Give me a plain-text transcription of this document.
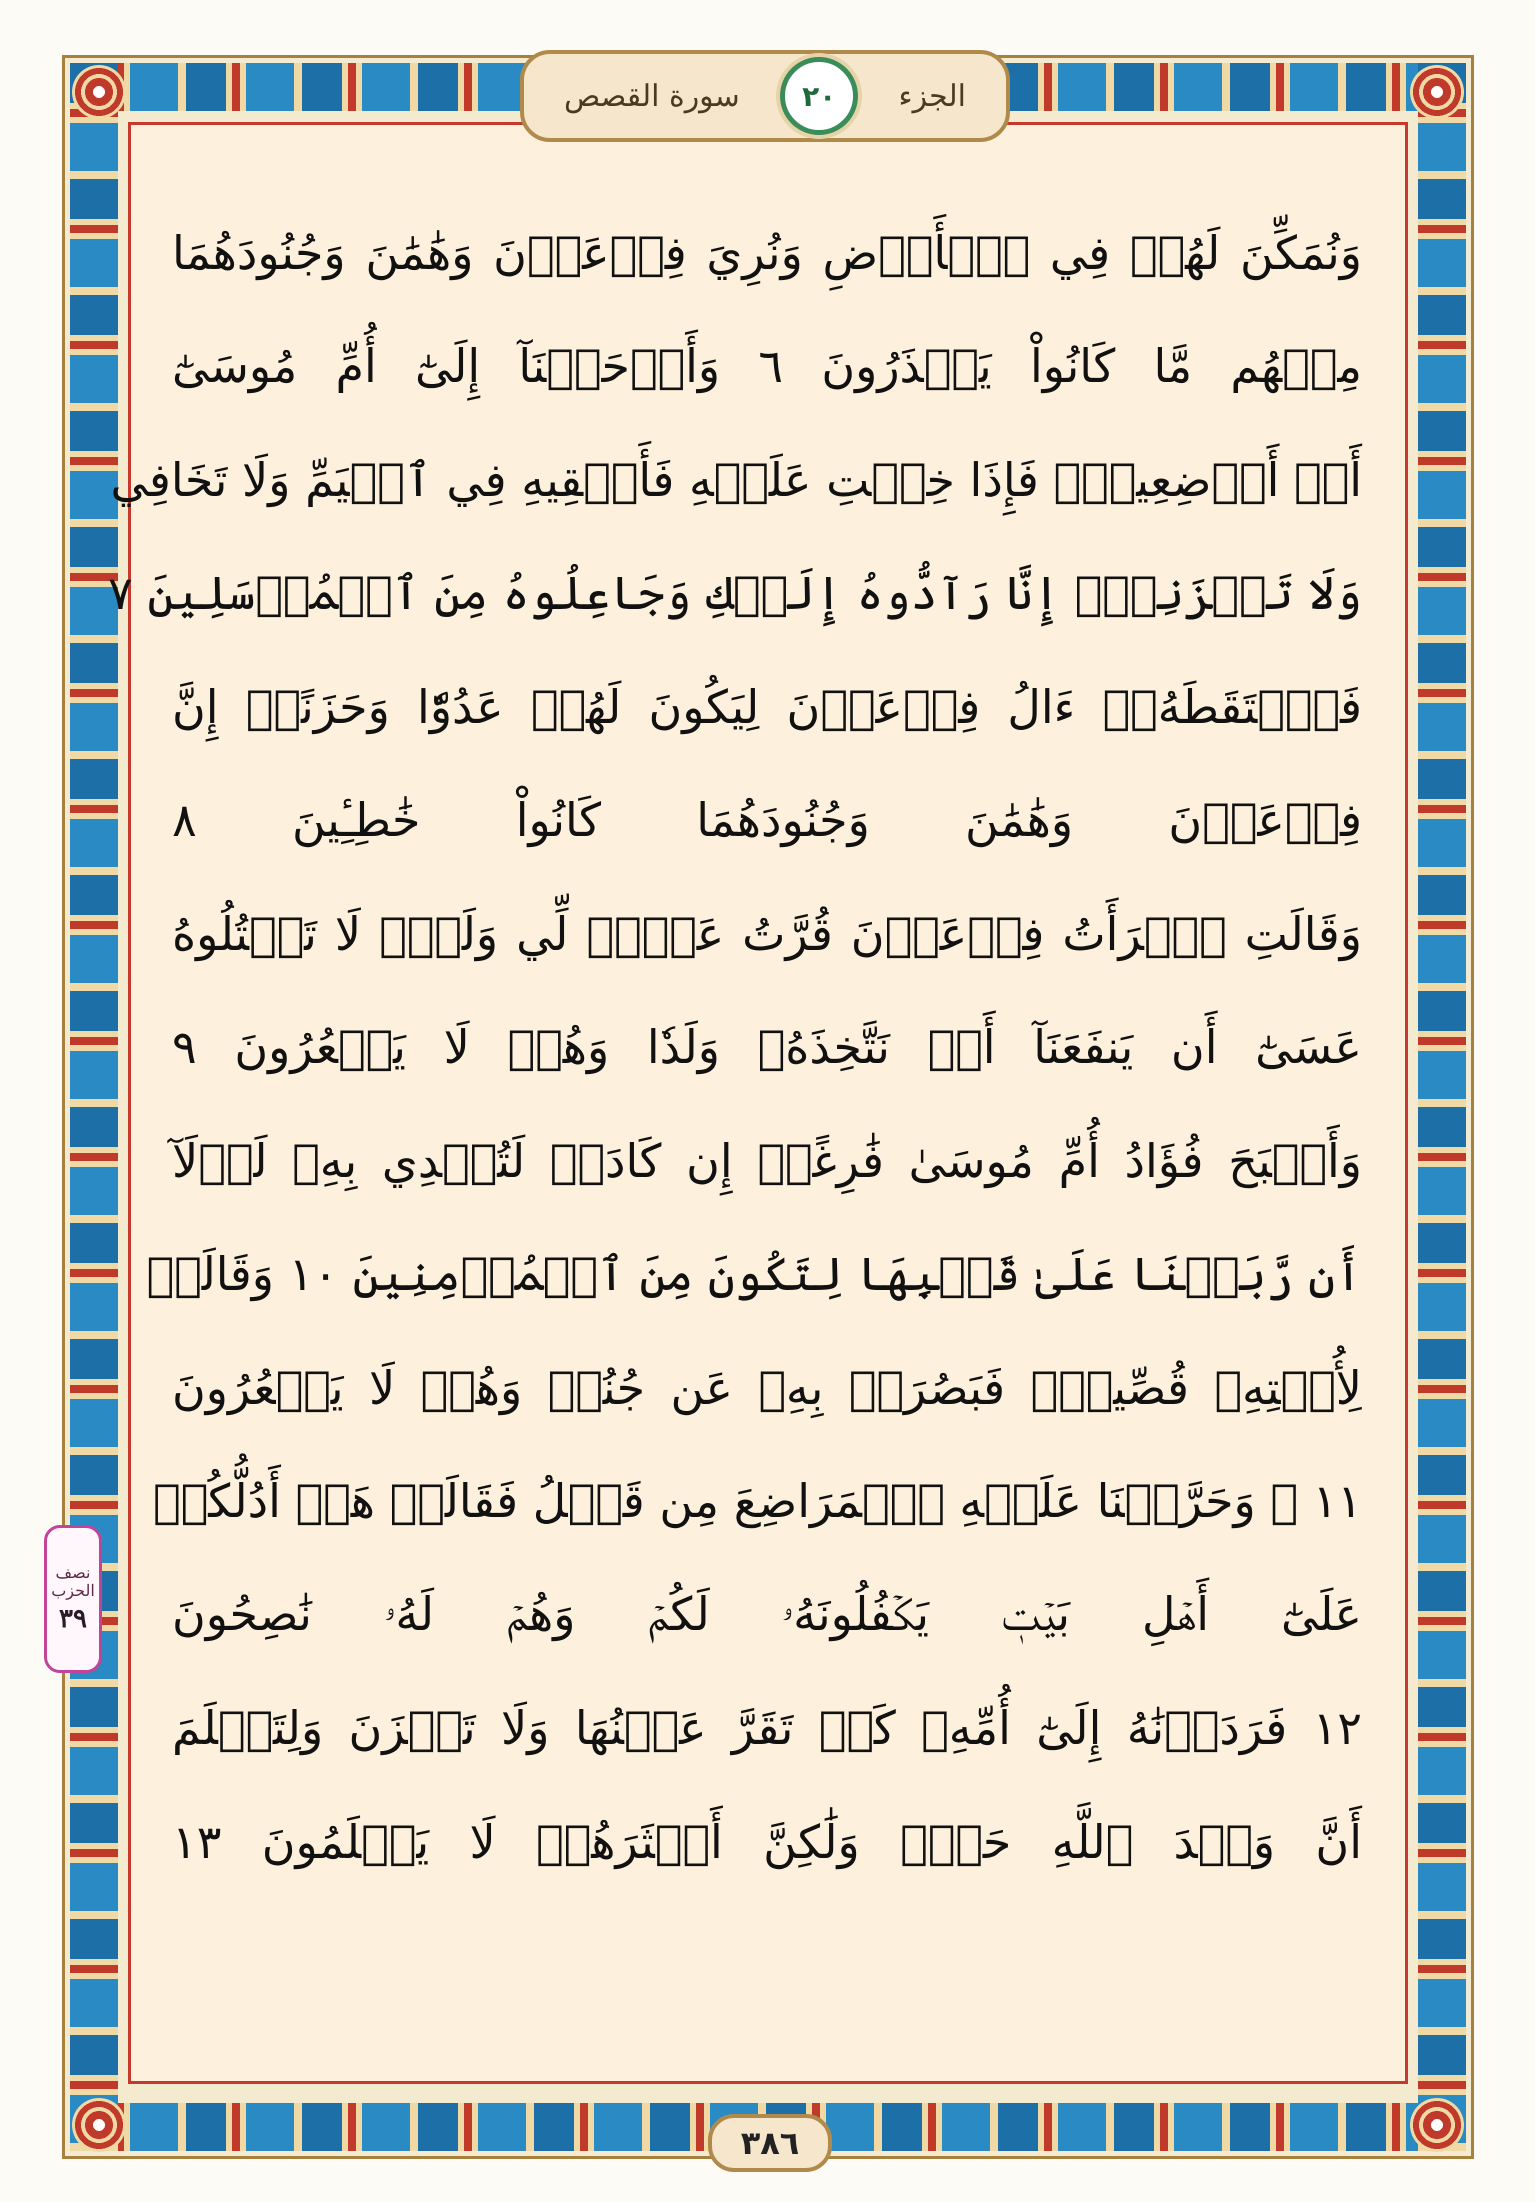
الجزء
٢٠
سورة القصص
وَنُمَكِّنَ لَهُمۡ فِي ٱلۡأَرۡضِ وَنُرِيَ فِرۡعَوۡنَ وَهَٰمَٰنَ وَجُنُودَهُمَا
مِنۡهُم مَّا كَانُواْ يَحۡذَرُونَ ٦ وَأَوۡحَيۡنَآ إِلَىٰٓ أُمِّ مُوسَىٰٓ
أَنۡ أَرۡضِعِيهِۖ فَإِذَا خِفۡتِ عَلَيۡهِ فَأَلۡقِيهِ فِي ٱلۡيَمِّ وَلَا تَخَافِي
وَلَا تَحۡزَنِيٓۖ إِنَّا رَآدُّوهُ إِلَيۡكِ وَجَاعِلُوهُ مِنَ ٱلۡمُرۡسَلِينَ ٧
فَٱلۡتَقَطَهُۥٓ ءَالُ فِرۡعَوۡنَ لِيَكُونَ لَهُمۡ عَدُوّٗا وَحَزَنًاۗ إِنَّ
فِرۡعَوۡنَ وَهَٰمَٰنَ وَجُنُودَهُمَا كَانُواْ خَٰطِـِٔينَ ٨
وَقَالَتِ ٱمۡرَأَتُ فِرۡعَوۡنَ قُرَّتُ عَيۡنٖ لِّي وَلَكَۖ لَا تَقۡتُلُوهُ
عَسَىٰٓ أَن يَنفَعَنَآ أَوۡ نَتَّخِذَهُۥ وَلَدٗا وَهُمۡ لَا يَشۡعُرُونَ ٩
وَأَصۡبَحَ فُؤَادُ أُمِّ مُوسَىٰ فَٰرِغًاۖ إِن كَادَتۡ لَتُبۡدِي بِهِۦ لَوۡلَآ
أَن رَّبَطۡنَا عَلَىٰ قَلۡبِهَا لِتَكُونَ مِنَ ٱلۡمُؤۡمِنِينَ ١٠ وَقَالَتۡ
لِأُخۡتِهِۦ قُصِّيهِۖ فَبَصُرَتۡ بِهِۦ عَن جُنُبٖ وَهُمۡ لَا يَشۡعُرُونَ
١١ ۞ وَحَرَّمۡنَا عَلَيۡهِ ٱلۡمَرَاضِعَ مِن قَبۡلُ فَقَالَتۡ هَلۡ أَدُلُّكُمۡ
عَلَىٰٓ أَهۡلِ بَيۡتٖ يَكۡفُلُونَهُۥ لَكُمۡ وَهُمۡ لَهُۥ نَٰصِحُونَ
١٢ فَرَدَدۡنَٰهُ إِلَىٰٓ أُمِّهِۦ كَيۡ تَقَرَّ عَيۡنُهَا وَلَا تَحۡزَنَ وَلِتَعۡلَمَ
أَنَّ وَعۡدَ ٱللَّهِ حَقّٞ وَلَٰكِنَّ أَكۡثَرَهُمۡ لَا يَعۡلَمُونَ ١٣
نصف
الحزب
٣٩
٣٨٦
